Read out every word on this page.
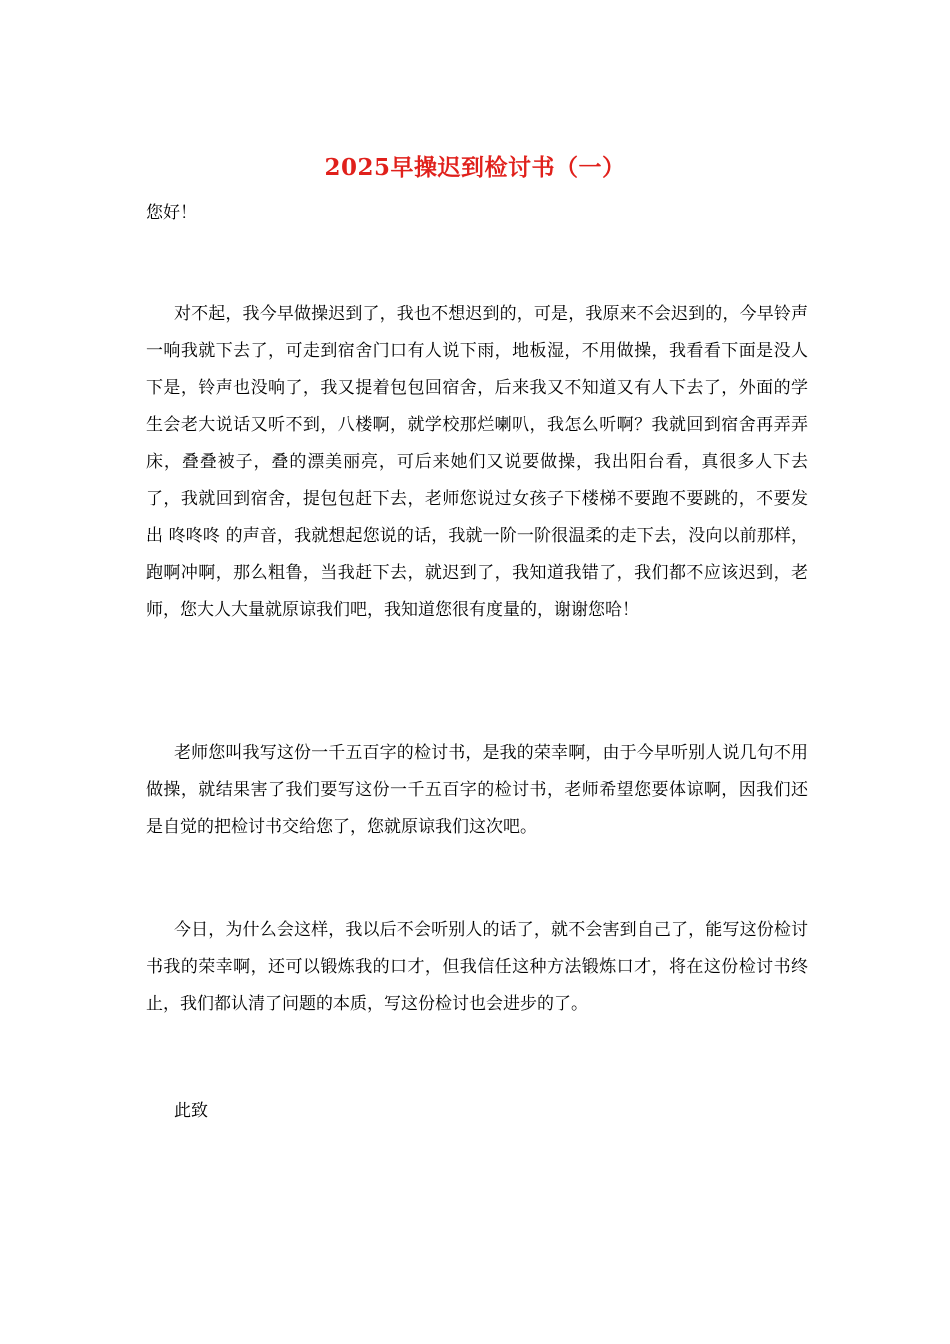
2025早操迟到检讨书（一）
您好！

对不起，我今早做操迟到了，我也不想迟到的，可是，我原来不会迟到的，今早铃声一响我就下去了，可走到宿舍门口有人说下雨，地板湿，不用做操，我看看下面是没人下是，铃声也没响了，我又提着包包回宿舍，后来我又不知道又有人下去了，外面的学生会老大说话又听不到，八楼啊，就学校那烂喇叭，我怎么听啊？我就回到宿舍再弄弄床，叠叠被子，叠的漂美丽亮，可后来她们又说要做操，我出阳台看，真很多人下去了，我就回到宿舍，提包包赶下去，老师您说过女孩子下楼梯不要跑不要跳的，不要发出 咚咚咚 的声音，我就想起您说的话，我就一阶一阶很温柔的走下去，没向以前那样，跑啊冲啊，那么粗鲁，当我赶下去，就迟到了，我知道我错了，我们都不应该迟到，老师，您大人大量就原谅我们吧，我知道您很有度量的，谢谢您哈！

老师您叫我写这份一千五百字的检讨书，是我的荣幸啊，由于今早听别人说几句不用做操，就结果害了我们要写这份一千五百字的检讨书，老师希望您要体谅啊，因我们还是自觉的把检讨书交给您了，您就原谅我们这次吧。

今日，为什么会这样，我以后不会听别人的话了，就不会害到自己了，能写这份检讨书我的荣幸啊，还可以锻炼我的口才，但我信任这种方法锻炼口才，将在这份检讨书终止，我们都认清了问题的本质，写这份检讨也会进步的了。

此致
